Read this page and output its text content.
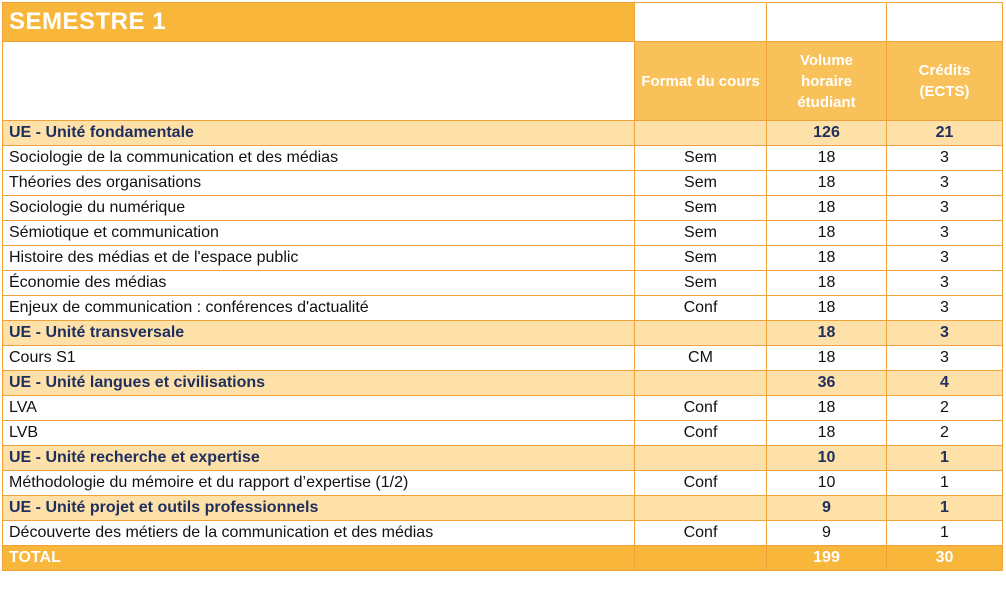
SEMESTRE 1			
	Format du cours	Volume horaire étudiant	Crédits (ECTS)
UE - Unité fondamentale		126	21
Sociologie de la communication et des médias	Sem	18	3
Théories des organisations	Sem	18	3
Sociologie du numérique	Sem	18	3
Sémiotique et communication	Sem	18	3
Histoire des médias et de l'espace public	Sem	18	3
Économie des médias	Sem	18	3
Enjeux de communication : conférences d'actualité	Conf	18	3
UE - Unité transversale		18	3
Cours S1	CM	18	3
UE - Unité langues et civilisations		36	4
LVA	Conf	18	2
LVB	Conf	18	2
UE - Unité recherche et expertise		10	1
Méthodologie du mémoire et du rapport d’expertise (1/2)	Conf	10	1
UE - Unité projet et outils professionnels		9	1
Découverte des métiers de la communication et des médias	Conf	9	1
TOTAL		199	30
